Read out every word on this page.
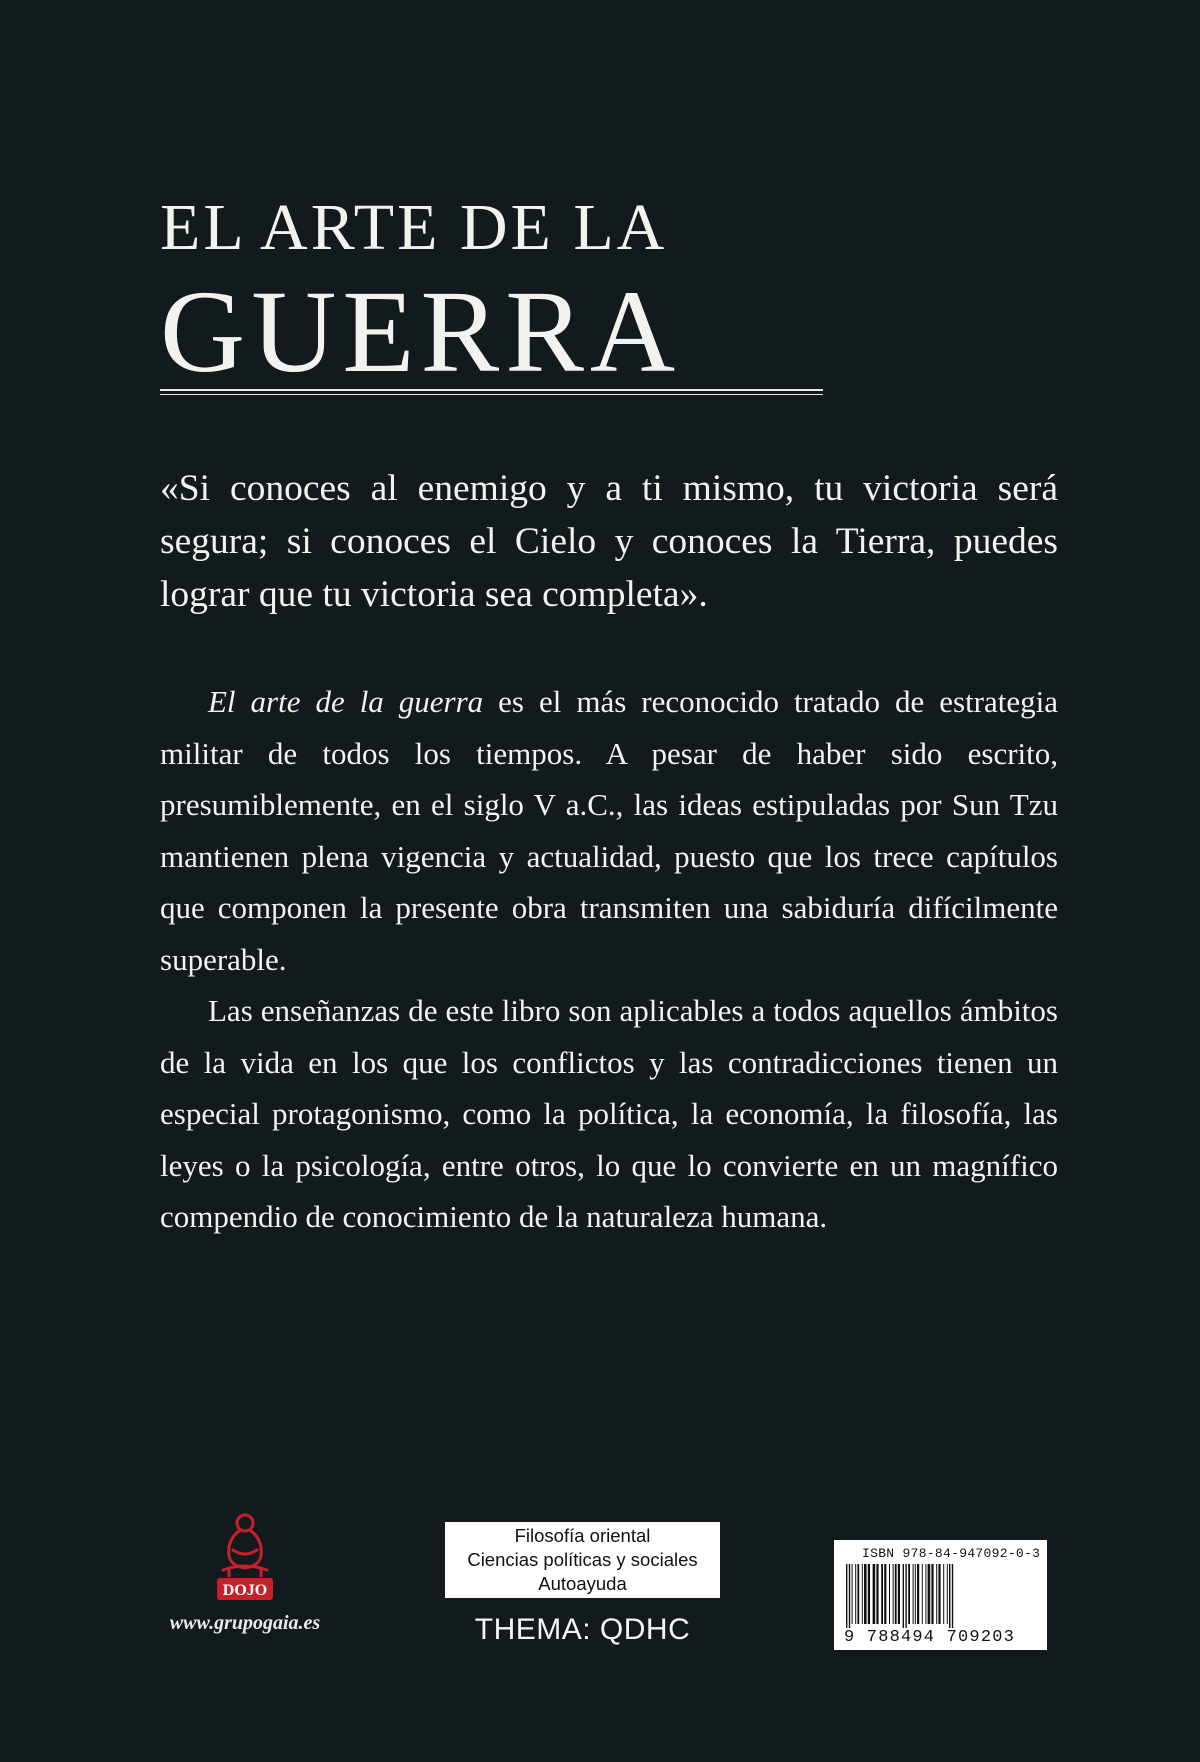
EL ARTE DE LA
GUERRA

«Si conoces al enemigo y a ti mismo, tu victoria será segura; si conoces el Cielo y conoces la Tierra, puedes lograr que tu victoria sea completa».

El arte de la guerra es el más reconocido tratado de estrategia militar de todos los tiempos. A pesar de haber sido escrito, presumiblemente, en el siglo V a.C., las ideas estipuladas por Sun Tzu mantienen plena vigencia y actualidad, puesto que los trece capítulos que componen la presente obra transmiten una sabiduría difícilmente superable.

Las enseñanzas de este libro son aplicables a todos aquellos ámbitos de la vida en los que los conflictos y las contradicciones tienen un especial protagonismo, como la política, la economía, la filosofía, las leyes o la psicología, entre otros, lo que lo convierte en un magnífico compendio de conocimiento de la naturaleza humana.

DOJO
www.grupogaia.es
Filosofía oriental
Ciencias políticas y sociales
Autoayuda
THEMA: QDHC
ISBN 978-84-947092-0-3
9 788494 709203
